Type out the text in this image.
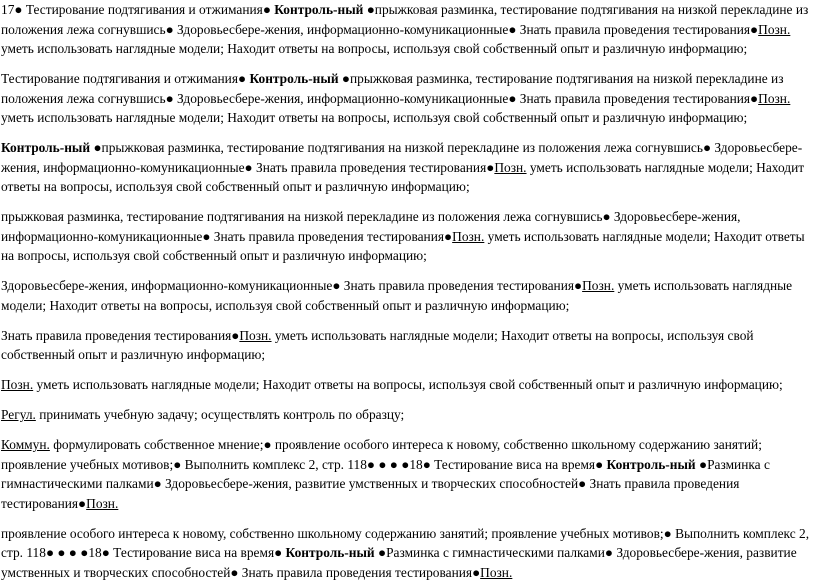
17● Тестирование подтягивания и отжимания● Контроль-ный ●прыжковая разминка, тестирование подтягивания на низкой перекладине из положения лежа согнувшись● Здоровьесбере-жения, информационно-комуникационные● Знать правила проведения тестирования●Позн. уметь использовать наглядные модели; Находит ответы на вопросы, используя свой собственный опыт и различную информацию;

Тестирование подтягивания и отжимания● Контроль-ный ●прыжковая разминка, тестирование подтягивания на низкой перекладине из положения лежа согнувшись● Здоровьесбере-жения, информационно-комуникационные● Знать правила проведения тестирования●Позн. уметь использовать наглядные модели; Находит ответы на вопросы, используя свой собственный опыт и различную информацию;

Контроль-ный ●прыжковая разминка, тестирование подтягивания на низкой перекладине из положения лежа согнувшись● Здоровьесбере-жения, информационно-комуникационные● Знать правила проведения тестирования●Позн. уметь использовать наглядные модели; Находит ответы на вопросы, используя свой собственный опыт и различную информацию;

прыжковая разминка, тестирование подтягивания на низкой перекладине из положения лежа согнувшись● Здоровьесбере-жения, информационно-комуникационные● Знать правила проведения тестирования●Позн. уметь использовать наглядные модели; Находит ответы на вопросы, используя свой собственный опыт и различную информацию;

Здоровьесбере-жения, информационно-комуникационные● Знать правила проведения тестирования●Позн. уметь использовать наглядные модели; Находит ответы на вопросы, используя свой собственный опыт и различную информацию;

Знать правила проведения тестирования●Позн. уметь использовать наглядные модели; Находит ответы на вопросы, используя свой собственный опыт и различную информацию;

Позн. уметь использовать наглядные модели; Находит ответы на вопросы, используя свой собственный опыт и различную информацию;

Регул. принимать учебную задачу; осуществлять контроль по образцу;

Коммун. формулировать собственное мнение;● проявление особого интереса к новому, собственно школьному содержанию занятий; проявление учебных мотивов;● Выполнить комплекс 2, стр. 118● ● ● ●18● Тестирование виса на время● Контроль-ный ●Разминка с гимнастическими палками● Здоровьесбере-жения, развитие умственных и творческих способностей● Знать правила проведения тестирования●Позн.

проявление особого интереса к новому, собственно школьному содержанию занятий; проявление учебных мотивов;● Выполнить комплекс 2, стр. 118● ● ● ●18● Тестирование виса на время● Контроль-ный ●Разминка с гимнастическими палками● Здоровьесбере-жения, развитие умственных и творческих способностей● Знать правила проведения тестирования●Позн.
